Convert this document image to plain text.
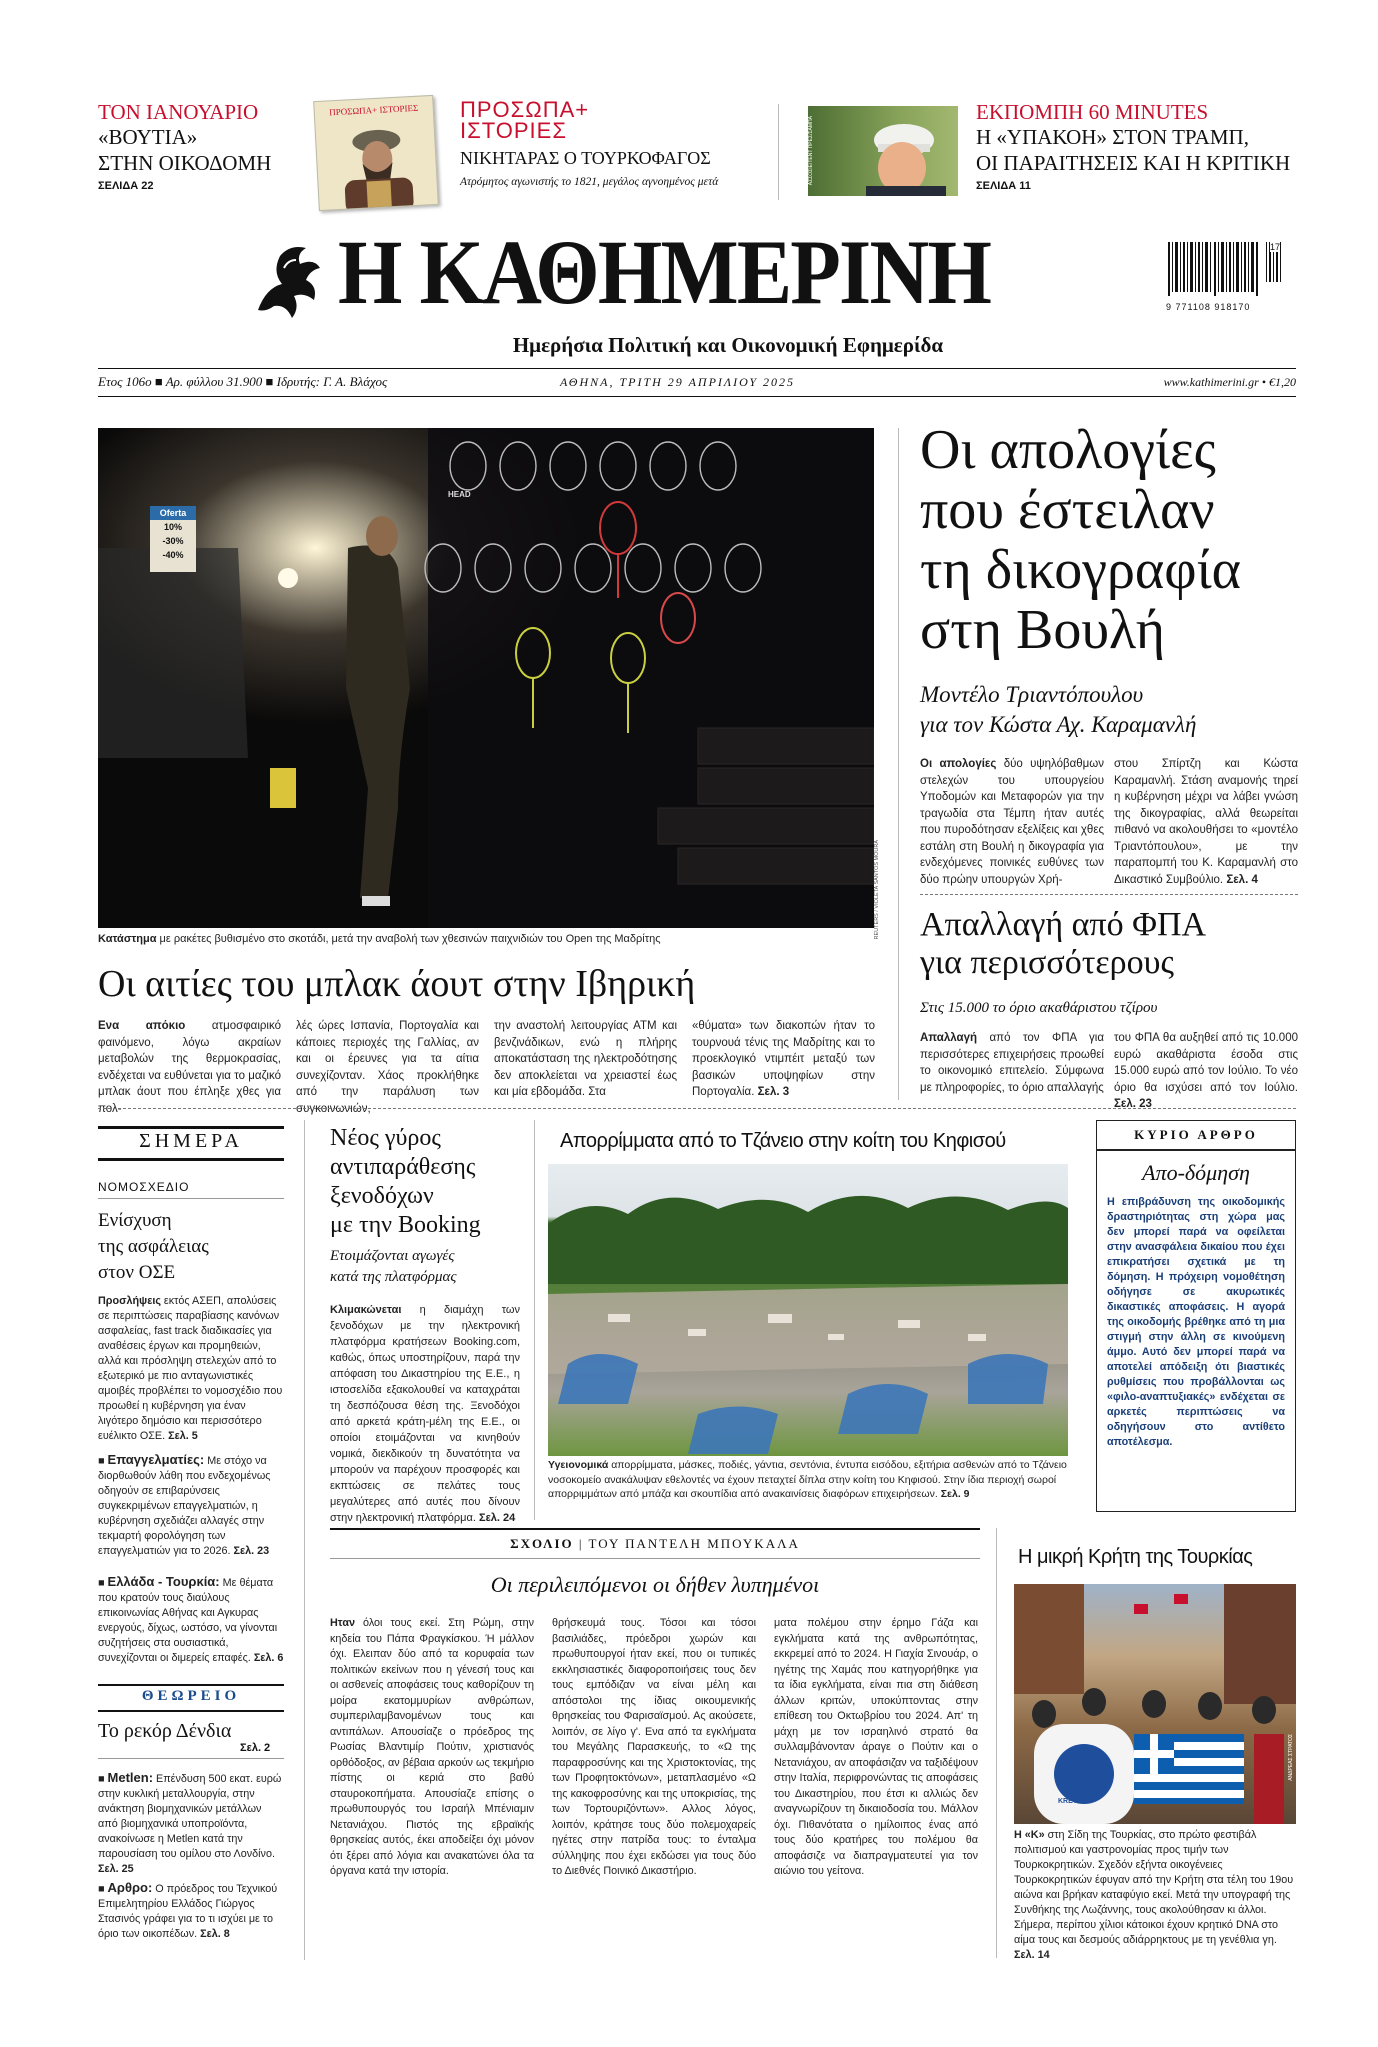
ΤΟΝ ΙΑΝΟΥΑΡΙΟ
«ΒΟΥΤΙΑ»
ΣΤΗΝ ΟΙΚΟΔΟΜΗ
ΣΕΛΙΔΑ 22
ΠΡΟΣΩΠΑ+ ΙΣΤΟΡΙΕΣ	ΠΡΟΣΩΠΑ+
ΙΣΤΟΡΙΕΣ
ΝΙΚΗΤΑΡΑΣ Ο ΤΟΥΡΚΟΦΑΓΟΣ
Ατρόμητος αγωνιστής το 1821, μεγάλος αγνοημένος μετά	ΑΣΣΟΣΙΕΪΤΕΝΤ ΠΡΕΣ/ΣΑΜΠΑ
ΕΚΠΟΜΠΗ 60 MINUTES
Η «ΥΠΑΚΟΗ» ΣΤΟΝ ΤΡΑΜΠ,
ΟΙ ΠΑΡΑΙΤΗΣΕΙΣ ΚΑΙ Η ΚΡΙΤΙΚΗ
ΣΕΛΙΔΑ 11
Η ΚΑΘΗΜΕΡΙΝΗ
Ημερήσια Πολιτική και Οικονομική Εφημερίδα
17
9 771108 918170
Ετος 106ο ■ Αρ. φύλλου 31.900 ■ Ιδρυτής: Γ. Α. Βλάχος	ΑΘΗΝΑ, ΤΡΙΤΗ 29 ΑΠΡΙΛΙΟΥ 2025	www.kathimerini.gr • €1,20
Oferta
10%
-30%
-40%
HEAD
REUTERS / VIOLETA SANTOS MOURA
Κατάστημα με ρακέτες βυθισμένο στο σκοτάδι, μετά την αναβολή των χθεσινών παιχνιδιών του Open της Μαδρίτης
Οι αιτίες του μπλακ άουτ στην Ιβηρική
Ενα απόκιο ατμοσφαιρικό φαινόμενο, λόγω ακραίων μεταβολών της θερμοκρασίας, ενδέχεται να ευθύνεται για το μαζικό μπλακ άουτ που έπληξε χθες για πολ-
λές ώρες Ισπανία, Πορτογαλία και κάποιες περιοχές της Γαλλίας, αν και οι έρευνες για τα αίτια συνεχίζονταν. Χάος προκλήθηκε από την παράλυση των συγκοινωνιών,
την αναστολή λειτουργίας ΑΤΜ και βενζινάδικων, ενώ η πλήρης αποκατάσταση της ηλεκτροδότησης δεν αποκλείεται να χρειαστεί έως και μία εβδομάδα. Στα
«θύματα» των διακοπών ήταν το τουρνουά τένις της Μαδρίτης και το προεκλογικό ντιμπέιτ μεταξύ των βασικών υποψηφίων στην Πορτογαλία. Σελ. 3
Οι απολογίες
που έστειλαν
τη δικογραφία
στη Βουλή
Μοντέλο Τριαντόπουλου
για τον Κώστα Αχ. Καραμανλή
Οι απολογίες δύο υψηλόβαθμων στελεχών του υπουργείου Υποδομών και Μεταφορών για την τραγωδία στα Τέμπη ήταν αυτές που πυροδότησαν εξελίξεις και χθες εστάλη στη Βουλή η δικογραφία για ενδεχόμενες ποινικές ευθύνες των δύο πρώην υπουργών Χρή-
στου Σπίρτζη και Κώστα Καραμανλή. Στάση αναμονής τηρεί η κυβέρνηση μέχρι να λάβει γνώση της δικογραφίας, αλλά θεωρείται πιθανό να ακολουθήσει το «μοντέλο Τριαντόπουλου», με την παραπομπή του Κ. Καραμανλή στο Δικαστικό Συμβούλιο. Σελ. 4
Απαλλαγή από ΦΠΑ
για περισσότερους
Στις 15.000 το όριο ακαθάριστου τζίρου
Απαλλαγή από τον ΦΠΑ για περισσότερες επιχειρήσεις προωθεί το οικονομικό επιτελείο. Σύμφωνα με πληροφορίες, το όριο απαλλαγής
του ΦΠΑ θα αυξηθεί από τις 10.000 ευρώ ακαθάριστα έσοδα στις 15.000 ευρώ από τον Ιούλιο. Το νέο όριο θα ισχύσει από τον Ιούλιο. Σελ. 23
ΣΗΜΕΡΑ
ΝΟΜΟΣΧΕΔΙΟ
Ενίσχυση
της ασφάλειας
στον ΟΣΕ
Προσλήψεις εκτός ΑΣΕΠ, απολύσεις σε περιπτώσεις παραβίασης κανόνων ασφαλείας, fast track διαδικασίες για αναθέσεις έργων και προμηθειών, αλλά και πρόσληψη στελεχών από το εξωτερικό με πιο ανταγωνιστικές αμοιβές προβλέπει το νομοσχέδιο που προωθεί η κυβέρνηση για έναν λιγότερο δημόσιο και περισσότερο ευέλικτο ΟΣΕ. Σελ. 5
■ Επαγγελματίες: Με στόχο να διορθωθούν λάθη που ενδεχομένως οδηγούν σε επιβαρύνσεις συγκεκριμένων επαγγελματιών, η κυβέρνηση σχεδιάζει αλλαγές στην τεκμαρτή φορολόγηση των επαγγελματιών για το 2026. Σελ. 23
■ Ελλάδα - Τουρκία: Με θέματα που κρατούν τους διαύλους επικοινωνίας Αθήνας και Αγκυρας ενεργούς, δίχως, ωστόσο, να γίνονται συζητήσεις στα ουσιαστικά, συνεχίζονται οι διμερείς επαφές. Σελ. 6
ΘΕΩΡΕΙΟ
Το ρεκόρ Δένδια
Σελ. 2
■ Metlen: Επένδυση 500 εκατ. ευρώ στην κυκλική μεταλλουργία, στην ανάκτηση βιομηχανικών μετάλλων από βιομηχανικά υποπροϊόντα, ανακοίνωσε η Metlen κατά την παρουσίαση του ομίλου στο Λονδίνο. Σελ. 25
■ Αρθρο: Ο πρόεδρος του Τεχνικού Επιμελητηρίου Ελλάδος Γιώργος Στασινός γράφει για το τι ισχύει με το όριο των οικοπέδων. Σελ. 8
Νέος γύρος
αντιπαράθεσης
ξενοδόχων
με την Booking
Ετοιμάζονται αγωγές
κατά της πλατφόρμας
Κλιμακώνεται η διαμάχη των ξενοδόχων με την ηλεκτρονική πλατφόρμα κρατήσεων Booking.com, καθώς, όπως υποστηρίζουν, παρά την απόφαση του Δικαστηρίου της Ε.Ε., η ιστοσελίδα εξακολουθεί να καταχράται τη δεσπόζουσα θέση της. Ξενοδόχοι από αρκετά κράτη-μέλη της Ε.Ε., οι οποίοι ετοιμάζονται να κινηθούν νομικά, διεκδικούν τη δυνατότητα να μπορούν να παρέχουν προσφορές και εκπτώσεις σε πελάτες τους μεγαλύτερες από αυτές που δίνουν στην ηλεκτρονική πλατφόρμα. Σελ. 24
Απορρίμματα από το Τζάνειο στην κοίτη του Κηφισού
Υγειονομικά απορρίμματα, μάσκες, ποδιές, γάντια, σεντόνια, έντυπα εισόδου, εξιτήρια ασθενών από το Τζάνειο νοσοκομείο ανακάλυψαν εθελοντές να έχουν πεταχτεί δίπλα στην κοίτη του Κηφισού. Στην ίδια περιοχή σωροί απορριμμάτων από μπάζα και σκουπίδια από ανακαινίσεις διαφόρων επιχειρήσεων. Σελ. 9
ΚΥΡΙΟ ΑΡΘΡΟ
Απο-δόμηση
Η επιβράδυνση της οικοδομικής δραστηριότητας στη χώρα μας δεν μπορεί παρά να οφείλεται στην ανασφάλεια δικαίου που έχει επικρατήσει σχετικά με τη δόμηση. Η πρόχειρη νομοθέτηση οδήγησε σε ακυρωτικές δικαστικές αποφάσεις. Η αγορά της οικοδομής βρέθηκε από τη μια στιγμή στην άλλη σε κινούμενη άμμο. Αυτό δεν μπορεί παρά να αποτελεί απόδειξη ότι βιαστικές ρυθμίσεις που προβάλλονται ως «φιλο-αναπτυξιακές» ενδέχεται σε αρκετές περιπτώσεις να οδηγήσουν στο αντίθετο αποτέλεσμα.
ΣΧΟΛΙΟ | ΤΟΥ ΠΑΝΤΕΛΗ ΜΠΟΥΚΑΛΑ
Οι περιλειπόμενοι οι δήθεν λυπημένοι
Ηταν όλοι τους εκεί. Στη Ρώμη, στην κηδεία του Πάπα Φραγκίσκου. Ή μάλλον όχι. Ελειπαν δύο από τα κορυφαία των πολιτικών εκείνων που η γένεσή τους και οι ασθενείς αποφάσεις τους καθορίζουν τη μοίρα εκατομμυρίων ανθρώπων, συμπεριλαμβανομένων τους και αντιπάλων. Απουσίαζε ο πρόεδρος της Ρωσίας Βλαντιμίρ Πούτιν, χριστιανός ορθόδοξος, αν βέβαια αρκούν ως τεκμήριο πίστης οι κεριά στο βαθύ σταυροκοπήματα. Απουσίαζε επίσης ο πρωθυπουργός του Ισραήλ Μπένιαμιν Νετανιάχου. Πιστός της εβραϊκής θρησκείας αυτός, έκει αποδείξει όχι μόνον ότι ξέρει από λόγια και ανακατώνει όλα τα όργανα κατά την ιστορία.
θρήσκευμά τους. Τόσοι και τόσοι βασιλιάδες, πρόεδροι χωρών και πρωθυπουργοί ήταν εκεί, που οι τυπικές εκκλησιαστικές διαφοροποιήσεις τους δεν τους εμπόδιζαν να είναι μέλη και απόστολοι της ίδιας οικουμενικής θρησκείας του Φαρισαϊσμού. Ας ακούσετε, λοιπόν, σε λίγο γ'. Ενα από τα εγκλήματα του Μεγάλης Παρασκευής, το «Ω της παραφροσύνης και της Χριστοκτονίας, της των Προφητοκτόνων», μεταπλασμένο «Ω της κακοφροσύνης και της υποκρισίας, της των Τορτουριζόντων». Αλλος λόγος, λοιπόν, κράτησε τους δύο πολεμοχαρείς ηγέτες στην πατρίδα τους: το ένταλμα σύλληψης που έχει εκδώσει για τους δύο το Διεθνές Ποινικό Δικαστήριο.
ματα πολέμου στην έρημο Γάζα και εγκλήματα κατά της ανθρωπότητας, εκκρεμεί από το 2024. Η Γιαχία Σινουάρ, ο ηγέτης της Χαμάς που κατηγορήθηκε για τα ίδια εγκλήματα, είναι πια στη διάθεση άλλων κριτών, υποκύπτοντας στην επίθεση του Οκτωβρίου του 2024. Απ' τη μάχη με τον ισραηλινό στρατό θα συλλαμβάνονταν άραγε ο Πούτιν και ο Νετανιάχου, αν αποφάσιζαν να ταξιδέψουν στην Ιταλία, περιφρονώντας τις αποφάσεις του Δικαστηρίου, που έτσι κι αλλιώς δεν αναγνωρίζουν τη δικαιοδοσία του. Μάλλον όχι. Πιθανότατα ο ημίλοιπος ένας από τους δύο κρατήρες του πολέμου θα αποφάσιζε να διαπραγματευτεί για τον αιώνιο του γείτονα.
Η μικρή Κρήτη της Τουρκίας
KRETA
ΑΝΔΡΕΑΣ ΣΤΡΑΤΟΣ
Η «Κ» στη Σίδη της Τουρκίας, στο πρώτο φεστιβάλ πολιτισμού και γαστρονομίας προς τιμήν των Τουρκοκρητικών. Σχεδόν εξήντα οικογένειες Τουρκοκρητικών έφυγαν από την Κρήτη στα τέλη του 19ου αιώνα και βρήκαν καταφύγιο εκεί. Μετά την υπογραφή της Συνθήκης της Λωζάννης, τους ακολούθησαν κι άλλοι. Σήμερα, περίπου χίλιοι κάτοικοι έχουν κρητικό DNA στο αίμα τους και δεσμούς αδιάρρηκτους με τη γενέθλια γη. Σελ. 14
